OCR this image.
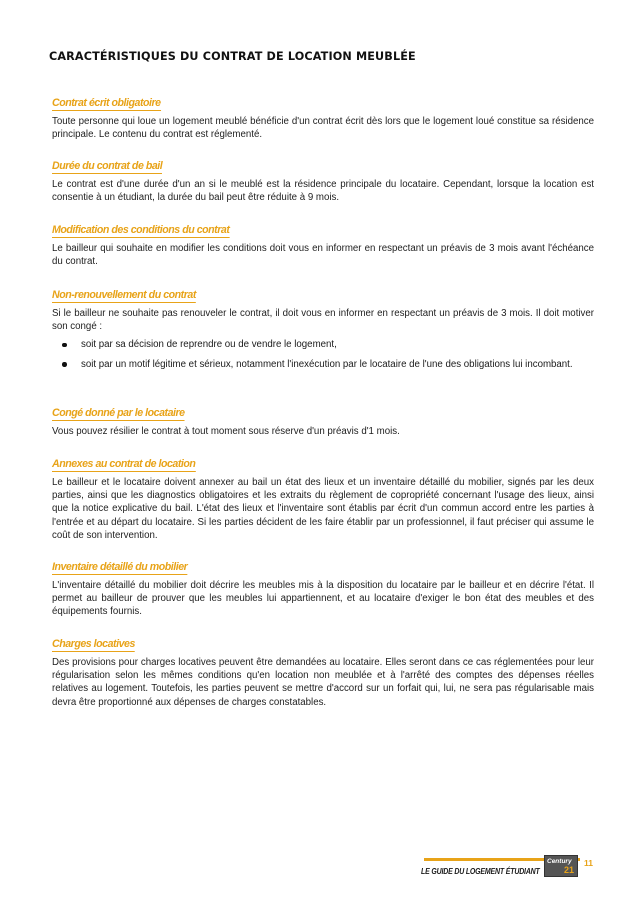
CARACTÉRISTIQUES DU CONTRAT DE LOCATION MEUBLÉE
Contrat écrit obligatoire
Toute personne qui loue un logement meublé bénéficie d'un contrat écrit dès lors que le logement loué constitue sa résidence principale. Le contenu du contrat est réglementé.
Durée du contrat de bail
Le contrat est d'une durée d'un an si le meublé est la résidence principale du locataire. Cependant, lorsque la location est consentie à un étudiant, la durée du bail peut être réduite à 9 mois.
Modification des conditions du contrat
Le bailleur qui souhaite en modifier les conditions doit vous en informer en respectant un préavis de 3 mois avant l'échéance du contrat.
Non-renouvellement du contrat
Si le bailleur ne souhaite pas renouveler le contrat, il doit vous en informer en respectant un préavis de 3 mois. Il doit motiver son congé :
soit par sa décision de reprendre ou de vendre le logement,
soit par un motif légitime et sérieux, notamment l'inexécution par le locataire de l'une des obligations lui incombant.
Congé donné par le locataire
Vous pouvez résilier le contrat à tout moment sous réserve d'un préavis d'1 mois.
Annexes au contrat de location
Le bailleur et le locataire doivent annexer au bail un état des lieux et un inventaire détaillé du mobilier, signés par les deux parties, ainsi que les diagnostics obligatoires et les extraits du règlement de copropriété concernant l'usage des lieux, ainsi que la notice explicative du bail. L'état des lieux et l'inventaire sont établis par écrit d'un commun accord entre les parties à l'entrée et au départ du locataire. Si les parties décident de les faire établir par un professionnel, il faut préciser qui assume le coût de son intervention.
Inventaire détaillé du mobilier
L'inventaire détaillé du mobilier doit décrire les meubles mis à la disposition du locataire par le bailleur et en décrire l'état. Il permet au bailleur de prouver que les meubles lui appartiennent, et au locataire d'exiger le bon état des meubles et des équipements fournis.
Charges locatives
Des provisions pour charges locatives peuvent être demandées au locataire. Elles seront dans ce cas réglementées pour leur régularisation selon les mêmes conditions qu'en location non meublée et à l'arrêté des comptes des dépenses réelles relatives au logement. Toutefois, les parties peuvent se mettre d'accord sur un forfait qui, lui, ne sera pas régularisable mais devra être proportionné aux dépenses de charges constatables.
LE GUIDE DU LOGEMENT ÉTUDIANT
Century
21
11
